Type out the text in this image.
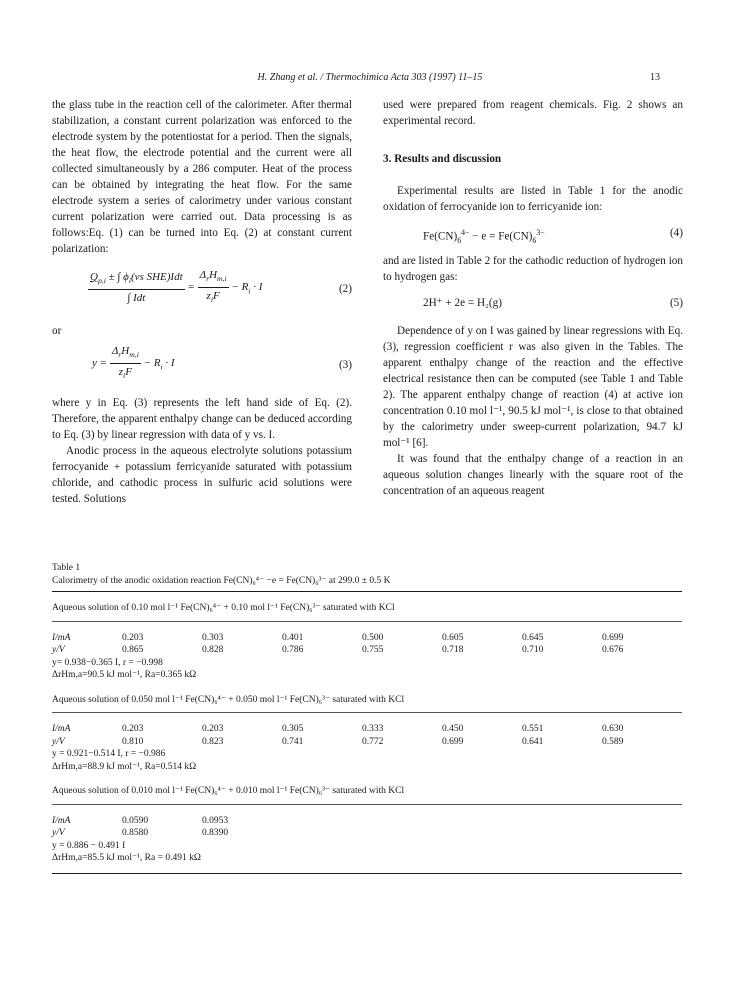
H. Zhang et al. / Thermochimica Acta 303 (1997) 11–15	13

the glass tube in the reaction cell of the calorimeter. After thermal stabilization, a constant current polarization was enforced to the electrode system by the potentiostat for a period. Then the signals, the heat flow, the electrode potential and the current were all collected simultaneously by a 286 computer. Heat of the process can be obtained by integrating the heat flow. For the same electrode system a series of calorimetry under various constant current polarization were carried out. Data processing is as follows:Eq. (1) can be turned into Eq. (2) at constant current polarization:

$\frac{Q_{p,i} \pm \int \phi_i(vs SHE)Idt}{\text{∫ Idt}} = \frac{\Delta_rH_{m,i}}{z_iF} - R_i \cdot I$	(2)

or

$y = \frac{\Delta_rH_{m,i}}{z_iF} - R_i \cdot I$	(3)

where y in Eq. (3) represents the left hand side of Eq. (2). Therefore, the apparent enthalpy change can be deduced according to Eq. (3) by linear regression with data of y vs. I.

Anodic process in the aqueous electrolyte solutions potassium ferrocyanide + potassium ferricyanide saturated with potassium chloride, and cathodic process in sulfuric acid solutions were tested. Solutions

used were prepared from reagent chemicals. Fig. 2 shows an experimental record.

3. Results and discussion

Experimental results are listed in Table 1 for the anodic oxidation of ferrocyanide ion to ferricyanide ion:

$Fe(CN)_6^{4-} - e = Fe(CN)_6^{3-}$	(4)

and are listed in Table 2 for the cathodic reduction of hydrogen ion to hydrogen gas:

2H⁺ + 2e = H₂(g)	(5)

Dependence of y on I was gained by linear regressions with Eq. (3), regression coefficient r was also given in the Tables. The apparent enthalpy change of the reaction and the effective electrical resistance then can be computed (see Table 1 and Table 2). The apparent enthalpy change of reaction (4) at active ion concentration 0.10 mol l⁻¹, 90.5 kJ mol⁻¹, is close to that obtained by the calorimetry under sweep-current polarization, 94.7 kJ mol⁻¹ [6].

It was found that the enthalpy change of a reaction in an aqueous solution changes linearly with the square root of the concentration of an aqueous reagent

Table 1

Calorimetry of the anodic oxidation reaction Fe(CN)₆⁴⁻ −e = Fe(CN)₆³⁻ at 299.0 ± 0.5 K

Aqueous solution of 0.10 mol l⁻¹ Fe(CN)₆⁴⁻ + 0.10 mol l⁻¹ Fe(CN)₆³⁻ saturated with KCl
I/mA	0.203	0.303	0.401	0.500	0.605	0.645	0.699
y/V	0.865	0.828	0.786	0.755	0.718	0.710	0.676

y= 0.938−0.365 I, r = −0.998

ΔrHm,a=90.5 kJ mol⁻¹, Ra=0.365 kΩ

Aqueous solution of 0.050 mol l⁻¹ Fe(CN)₆⁴⁻ + 0.050 mol l⁻¹ Fe(CN)₆³⁻ saturated with KCl
I/mA	0.203	0.203	0.305	0.333	0.450	0.551	0.630
y/V	0.810	0.823	0.741	0.772	0.699	0.641	0.589

y = 0.921−0.514 I, r = −0.986

ΔrHm,a=88.9 kJ mol⁻¹, Ra=0.514 kΩ

Aqueous solution of 0.010 mol l⁻¹ Fe(CN)₆⁴⁻ + 0.010 mol l⁻¹ Fe(CN)₆³⁻ saturated with KCl
I/mA	0.0590	0.0953					
y/V	0.8580	0.8390					

y = 0.886 − 0.491 I

ΔrHm,a=85.5 kJ mol⁻¹, Ra = 0.491 kΩ
